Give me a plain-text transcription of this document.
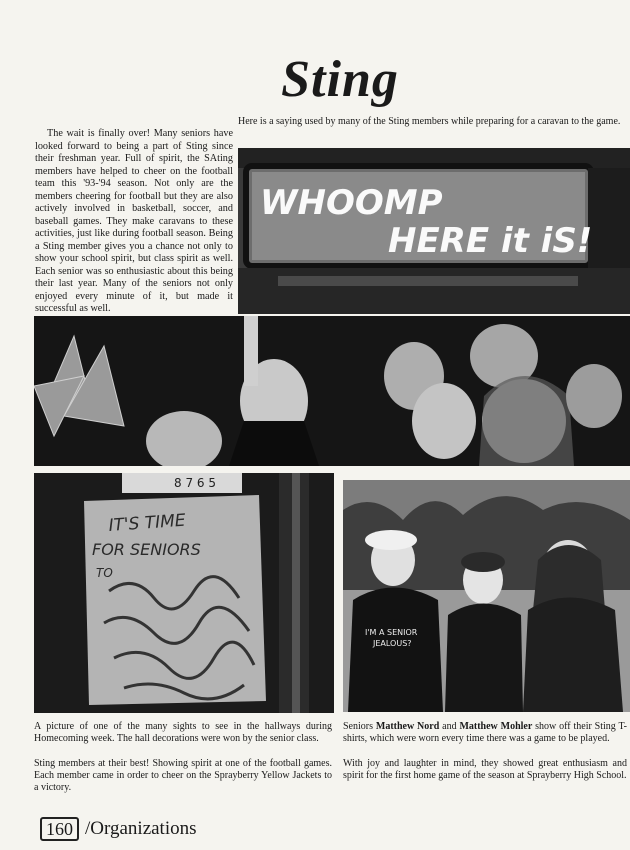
Sting

The wait is finally over! Many seniors have looked forward to being a part of Sting since their freshman year. Full of spirit, the SAting members have helped to cheer on the football team this '93-'94 season. Not only are the members cheering for football but they are also actively involved in basketball, soccer, and baseball games. They make caravans to these activities, just like during football season. Being a Sting member gives you a chance not only to show your school spirit, but class spirit as well. Each senior was so enthusiastic about this being their last year. Many of the seniors not only enjoyed every minute of it, but made it successful as well.

Here is a saying used by many of the Sting members while preparing for a caravan to the game.

WHOOMP
HERE it iS!
8 7 6 5
IT'S TIME
FOR SENIORS
TO
I'M A SENIOR
JEALOUS?

A picture of one of the many sights to see in the hallways during Homecoming week. The hall decorations were won by the senior class.

Seniors Matthew Nord and Matthew Mohler show off their Sting T-shirts, which were worn every time there was a game to be played.

Sting members at their best! Showing spirit at one of the football games. Each member came in order to cheer on the Sprayberry Yellow Jackets to a victory.

With joy and laughter in mind, they showed great enthusiasm and spirit for the first home game of the season at Sprayberry High School.

160 /Organizations
